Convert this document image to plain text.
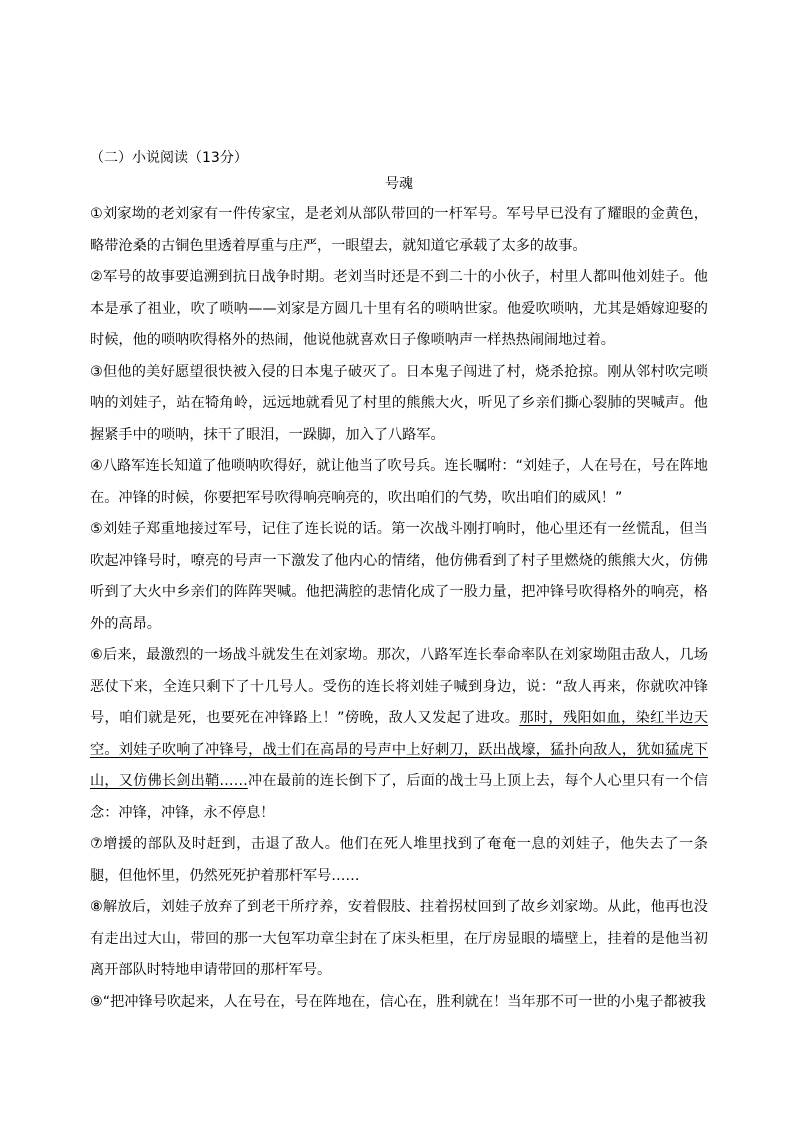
（二）小说阅读（13分）
号魂

①刘家坳的老刘家有一件传家宝，是老刘从部队带回的一杆军号。军号早已没有了耀眼的金黄色，略带沧桑的古铜色里透着厚重与庄严，一眼望去，就知道它承载了太多的故事。

②军号的故事要追溯到抗日战争时期。老刘当时还是不到二十的小伙子，村里人都叫他刘娃子。他本是承了祖业，吹了唢呐——刘家是方圆几十里有名的唢呐世家。他爱吹唢呐，尤其是婚嫁迎娶的时候，他的唢呐吹得格外的热闹，他说他就喜欢日子像唢呐声一样热热闹闹地过着。

③但他的美好愿望很快被入侵的日本鬼子破灭了。日本鬼子闯进了村，烧杀抢掠。刚从邻村吹完唢呐的刘娃子，站在犄角岭，远远地就看见了村里的熊熊大火，听见了乡亲们撕心裂肺的哭喊声。他握紧手中的唢呐，抹干了眼泪，一跺脚，加入了八路军。

④八路军连长知道了他唢呐吹得好，就让他当了吹号兵。连长嘱咐：“刘娃子，人在号在，号在阵地在。冲锋的时候，你要把军号吹得响亮响亮的，吹出咱们的气势，吹出咱们的威风！”

⑤刘娃子郑重地接过军号，记住了连长说的话。第一次战斗刚打响时，他心里还有一丝慌乱，但当吹起冲锋号时，嘹亮的号声一下激发了他内心的情绪，他仿佛看到了村子里燃烧的熊熊大火，仿佛听到了大火中乡亲们的阵阵哭喊。他把满腔的悲情化成了一股力量，把冲锋号吹得格外的响亮，格外的高昂。

⑥后来，最激烈的一场战斗就发生在刘家坳。那次，八路军连长奉命率队在刘家坳阻击敌人，几场恶仗下来，全连只剩下了十几号人。受伤的连长将刘娃子喊到身边，说：“敌人再来，你就吹冲锋号，咱们就是死，也要死在冲锋路上！”傍晚，敌人又发起了进攻。那时，残阳如血，染红半边天空。刘娃子吹响了冲锋号，战士们在高昂的号声中上好刺刀，跃出战壕，猛扑向敌人，犹如猛虎下山，又仿佛长剑出鞘……冲在最前的连长倒下了，后面的战士马上顶上去，每个人心里只有一个信念：冲锋，冲锋，永不停息！

⑦增援的部队及时赶到，击退了敌人。他们在死人堆里找到了奄奄一息的刘娃子，他失去了一条腿，但他怀里，仍然死死护着那杆军号……

⑧解放后，刘娃子放弃了到老干所疗养，安着假肢、拄着拐杖回到了故乡刘家坳。从此，他再也没有走出过大山，带回的那一大包军功章尘封在了床头柜里，在厅房显眼的墙壁上，挂着的是他当初离开部队时特地申请带回的那杆军号。

⑨“把冲锋号吹起来，人在号在，号在阵地在，信心在，胜利就在！当年那不可一世的小鬼子都被我
